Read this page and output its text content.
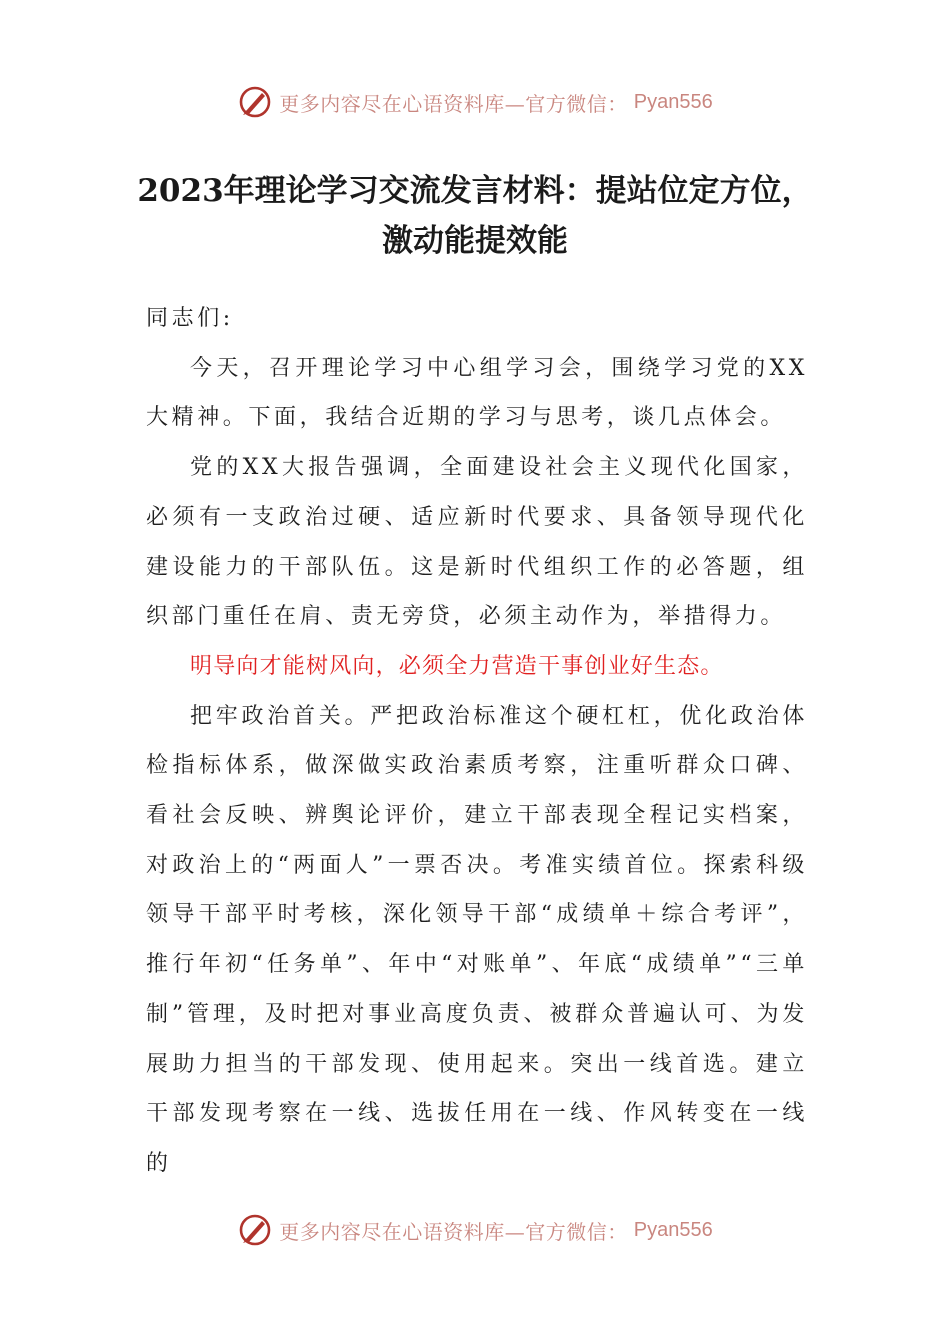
更多内容尽在心语资料库—官方微信： Pyan556
2023年理论学习交流发言材料：提站位定方位，激动能提效能

同志们:

今天，召开理论学习中心组学习会，围绕学习党的XX大精神。下面，我结合近期的学习与思考，谈几点体会。

党的XX大报告强调，全面建设社会主义现代化国家，必须有一支政治过硬、适应新时代要求、具备领导现代化建设能力的干部队伍。这是新时代组织工作的必答题，组织部门重任在肩、责无旁贷，必须主动作为，举措得力。

明导向才能树风向，必须全力营造干事创业好生态。

把牢政治首关。严把政治标准这个硬杠杠，优化政治体检指标体系，做深做实政治素质考察，注重听群众口碑、看社会反映、辨舆论评价，建立干部表现全程记实档案，对政治上的“两面人”一票否决。考准实绩首位。探索科级领导干部平时考核，深化领导干部“成绩单＋综合考评”，推行年初“任务单”、年中“对账单”、年底“成绩单”“三单制”管理，及时把对事业高度负责、被群众普遍认可、为发展助力担当的干部发现、使用起来。突出一线首选。建立干部发现考察在一线、选拔任用在一线、作风转变在一线的

更多内容尽在心语资料库—官方微信： Pyan556
